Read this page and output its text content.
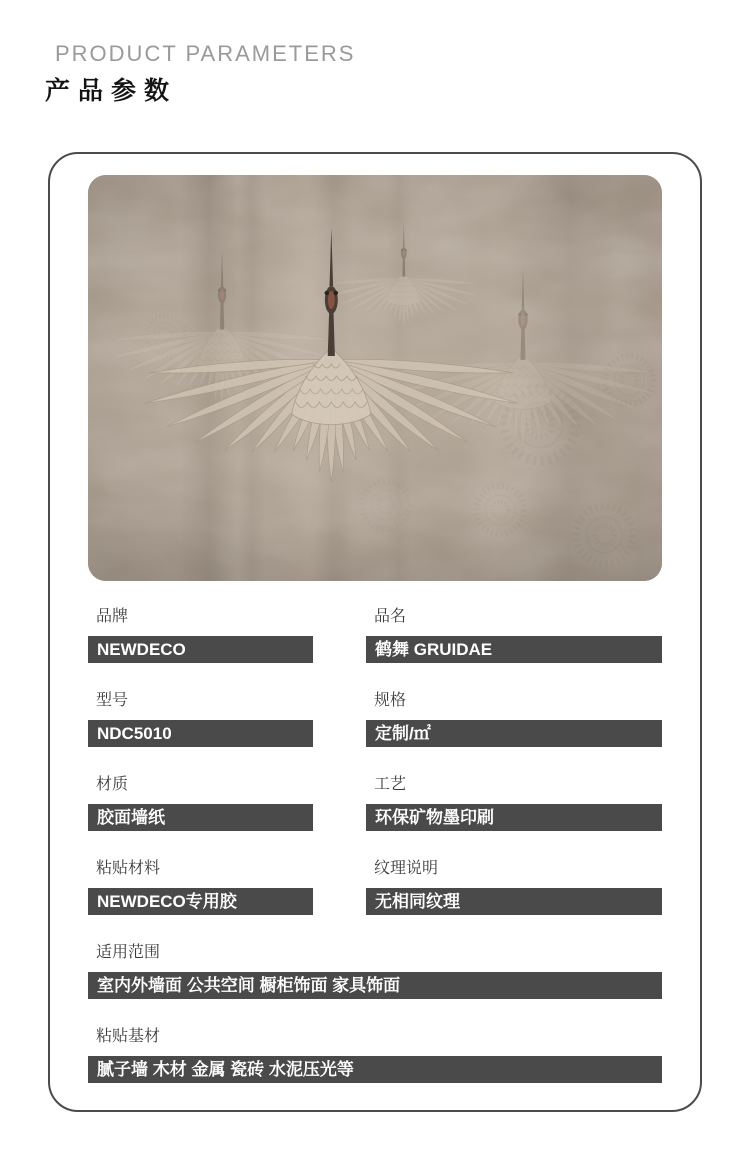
PRODUCT PARAMETERS

产品参数

品牌
NEWDECO
品名
鹤舞 GRUIDAE
型号
NDC5010
规格
定制/㎡
材质
胶面墙纸
工艺
环保矿物墨印刷
粘贴材料
NEWDECO专用胶
纹理说明
无相同纹理
适用范围
室内外墙面 公共空间 橱柜饰面 家具饰面
粘贴基材
腻子墙 木材 金属 瓷砖 水泥压光等
